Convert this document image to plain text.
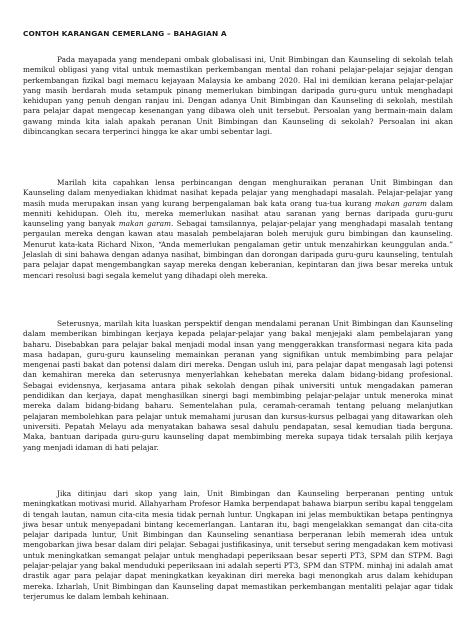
CONTOH KARANGAN CEMERLANG – BAHAGIAN A

Pada mayapada yang mendepani ombak globalisasi ini, Unit Bimbingan dan Kaunseling di sekolah telah memikul obligasi yang vital untuk memastikan perkembangan mental dan rohani pelajar-pelajar sejajar dengan perkembangan fizikal bagi memacu kejayaan Malaysia ke ambang 2020. Hal ini demikian kerana pelajar-pelajar yang masih berdarah muda setampuk pinang memerlukan bimbingan daripada guru-guru untuk menghadapi kehidupan yang penuh dengan ranjau ini. Dengan adanya Unit Bimbingan dan Kaunseling di sekolah, mestilah para pelajar dapat mengecap kesenangan yang dibawa oleh unit tersebut. Persoalan yang bermain-main dalam gawang minda kita ialah apakah peranan Unit Bimbingan dan Kaunseling di sekolah? Persoalan ini akan dibincangkan secara terperinci hingga ke akar umbi sebentar lagi.

Marilah kita capahkan lensa perbincangan dengan menghuraikan peranan Unit Bimbingan dan Kaunseling dalam menyediakan khidmat nasihat kepada pelajar yang menghadapi masalah. Pelajar-pelajar yang masih muda merupakan insan yang kurang berpengalaman bak kata orang tua-tua kurang makan garam dalam menniti kehidupan. Oleh itu, mereka memerlukan nasihat atau saranan yang bernas daripada guru-guru kaunseling yang banyak makan garam. Sebagai tamsilannya, pelajar-pelajar yang menghadapi masalah tentang pergaulan mereka dengan kawan atau masalah pembelajaran boleh merujuk guru bimbingan dan kaunseling. Menurut kata-kata Richard Nixon, “Anda memerlukan pengalaman getir untuk menzahirkan keunggulan anda.” Jelaslah di sini bahawa dengan adanya nasihat, bimbingan dan dorongan daripada guru-guru kaunseling, tentulah para pelajar dapat mengembangkan sayap mereka dengan keberanian, kepintaran dan jiwa besar mereka untuk mencari resolusi bagi segala kemelut yang dihadapi oleh mereka.

Seterusnya, marilah kita luaskan perspektif dengan mendalami peranan Unit Bimbingan dan Kaunseling dalam memberikan bimbingan kerjaya kepada pelajar-pelajar yang bakal menjejaki alam pembelajaran yang baharu. Disebabkan para pelajar bakal menjadi modal insan yang menggerakkan transformasi negara kita pada masa hadapan, guru-guru kaunseling memainkan peranan yang signifikan untuk membimbing para pelajar mengenai pasti bakat dan potensi dalam diri mereka. Dengan usluh ini, para pelajar dapat mengasah lagi potensi dan kemahiran mereka dan seterusnya menyerlahkan kehebatan mereka dalam bidang-bidang profesional. Sebagai evidensnya, kerjasama antara pihak sekolah dengan pihak universiti untuk mengadakan pameran pendidikan dan kerjaya, dapat menghasilkan sinergi bagi membimbing pelajar-pelajar untuk meneroka minat mereka dalam bidang-bidang baharu. Sementelahan pula, ceramah-ceramah tentang peluang melanjutkan pelajaran membolehkan para pelajar untuk memahami jurusan dan kursus-kursus pelbagai yang ditawarkan oleh universiti. Pepatah Melayu ada menyatakan bahawa sesal dahulu pendapatan, sesal kemudian tiada berguna. Maka, bantuan daripada guru-guru kaunseling dapat membimbing mereka supaya tidak tersalah pilih kerjaya yang menjadi idaman di hati pelajar.

Jika ditinjau dari skop yang lain, Unit Bimbingan dan Kaunseling berperanan penting untuk meningkatkan motivasi murid. Allahyarham Profesor Hamka berpendapat bahawa biarpun seribu kapal tenggelam di tengah lautan, namun cita-cita mesia tidak pernah luntur. Ungkapan ini jelas membuktikan betapa pentingnya jiwa besar untuk menyepadani bintang kecemerlangan. Lantaran itu, bagi mengelakkan semangat dan cita-cita pelajar daripada luntur, Unit Bimbingan dan Kaunseling senantiasa berperanan lebih memerah idea untuk mengobarkan jiwa besar dalam diri pelajar. Sebagai justifikasinya, unit tersebut sering mengadakan kem motivasi untuk meningkatkan semangat pelajar untuk menghadapi peperiksaan besar seperti PT3, SPM dan STPM. Bagi pelajar-pelajar yang bakal menduduki peperiksaan ini adalah seperti PT3, SPM dan STPM. minhaj ini adalah amat drastik agar para pelajar dapat meningkatkan keyakinan diri mereka bagi menongkah arus dalam kehidupan mereka. Izharlah, Unit Bimbingan dan Kaunseling dapat memastikan perkembangan mentaliti pelajar agar tidak terjerumus ke dalam lembah kehinaan.
